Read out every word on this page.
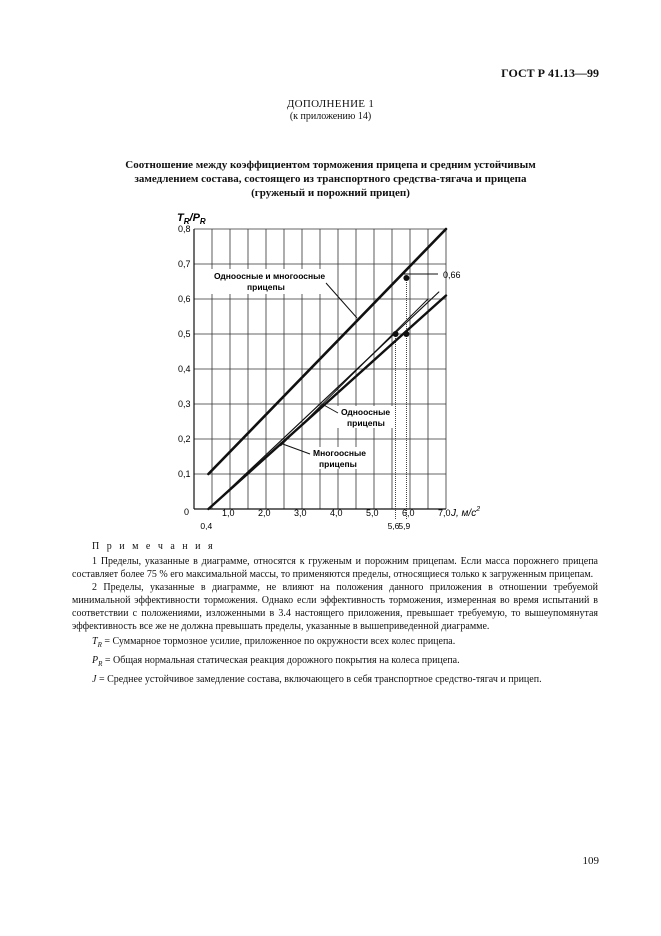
ГОСТ Р 41.13—99
ДОПОЛНЕНИЕ 1
(к приложению 14)
Соотношение между коэффициентом торможения прицепа и средним устойчивым
замедлением состава, состоящего из транспортного средства-тягача и прицепа
(груженый и порожний прицеп)
0,1
0,2
0,3
0,4
0,5
0,6
0,7
0,8
1,0	2,0	3,0	4,0	5,0	6,0	7,0
0,4	5,6
5,9
$T_R/P_R$
J, $м/с^2$
0
Одноосные и многоосные
прицепы
0,66
Одноосные
прицепы
Многоосные
прицепы

П р и м е ч а н и я

1 Пределы, указанные в диаграмме, относятся к груженым и порожним прицепам. Если масса порожнего прицепа составляет более 75 % его максимальной массы, то применяются пределы, относящиеся только к загруженным прицепам.

2 Пределы, указанные в диаграмме, не влияют на положения данного приложения в отношении требуемой минимальной эффективности торможения. Однако если эффективность торможения, измеренная во время испытаний в соответствии с положениями, изложенными в 3.4 настоящего приложения, превышает требуемую, то вышеупомянутая эффективность все же не должна превышать пределы, указанные в вышеприведенной диаграмме.

$T_R$ = Суммарное тормозное усилие, приложенное по окружности всех колес прицепа.

$P_R$ = Общая нормальная статическая реакция дорожного покрытия на колеса прицепа.

J = Среднее устойчивое замедление состава, включающего в себя транспортное средство-тягач и прицеп.

109
